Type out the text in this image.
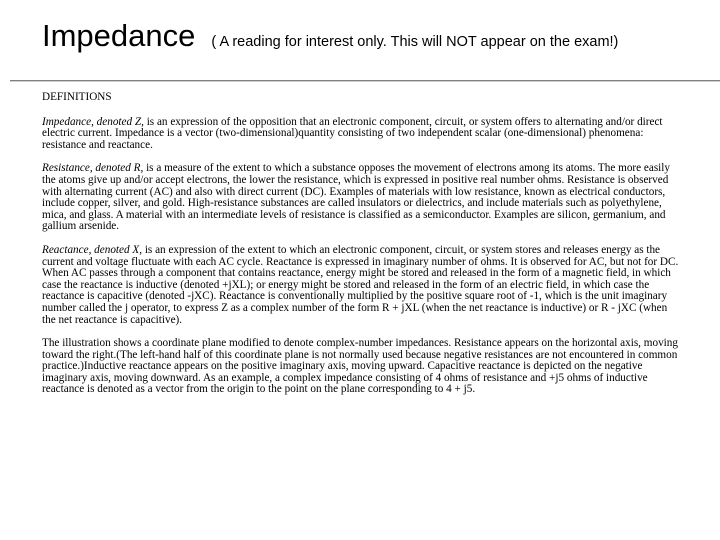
Impedance ( A reading for interest only. This will NOT appear on the exam!)
DEFINITIONS

Impedance, denoted Z, is an expression of the opposition that an electronic component, circuit, or system offers to alternating and/or direct electric current. Impedance is a vector (two-dimensional)quantity consisting of two independent scalar (one-dimensional) phenomena: resistance and reactance.

Resistance, denoted R, is a measure of the extent to which a substance opposes the movement of electrons among its atoms. The more easily the atoms give up and/or accept electrons, the lower the resistance, which is expressed in positive real number ohms. Resistance is observed with alternating current (AC) and also with direct current (DC). Examples of materials with low resistance, known as electrical conductors, include copper, silver, and gold. High-resistance substances are called insulators or dielectrics, and include materials such as polyethylene, mica, and glass. A material with an intermediate levels of resistance is classified as a semiconductor. Examples are silicon, germanium, and gallium arsenide.

Reactance, denoted X, is an expression of the extent to which an electronic component, circuit, or system stores and releases energy as the current and voltage fluctuate with each AC cycle. Reactance is expressed in imaginary number of ohms. It is observed for AC, but not for DC. When AC passes through a component that contains reactance, energy might be stored and released in the form of a magnetic field, in which case the reactance is inductive (denoted +jXL); or energy might be stored and released in the form of an electric field, in which case the reactance is capacitive (denoted -jXC). Reactance is conventionally multiplied by the positive square root of -1, which is the unit imaginary number called the j operator, to express Z as a complex number of the form R + jXL (when the net reactance is inductive) or R - jXC (when the net reactance is capacitive).

The illustration shows a coordinate plane modified to denote complex-number impedances. Resistance appears on the horizontal axis, moving toward the right.(The left-hand half of this coordinate plane is not normally used because negative resistances are not encountered in common practice.)Inductive reactance appears on the positive imaginary axis, moving upward. Capacitive reactance is depicted on the negative imaginary axis, moving downward. As an example, a complex impedance consisting of 4 ohms of resistance and +j5 ohms of inductive reactance is denoted as a vector from the origin to the point on the plane corresponding to 4 + j5.
